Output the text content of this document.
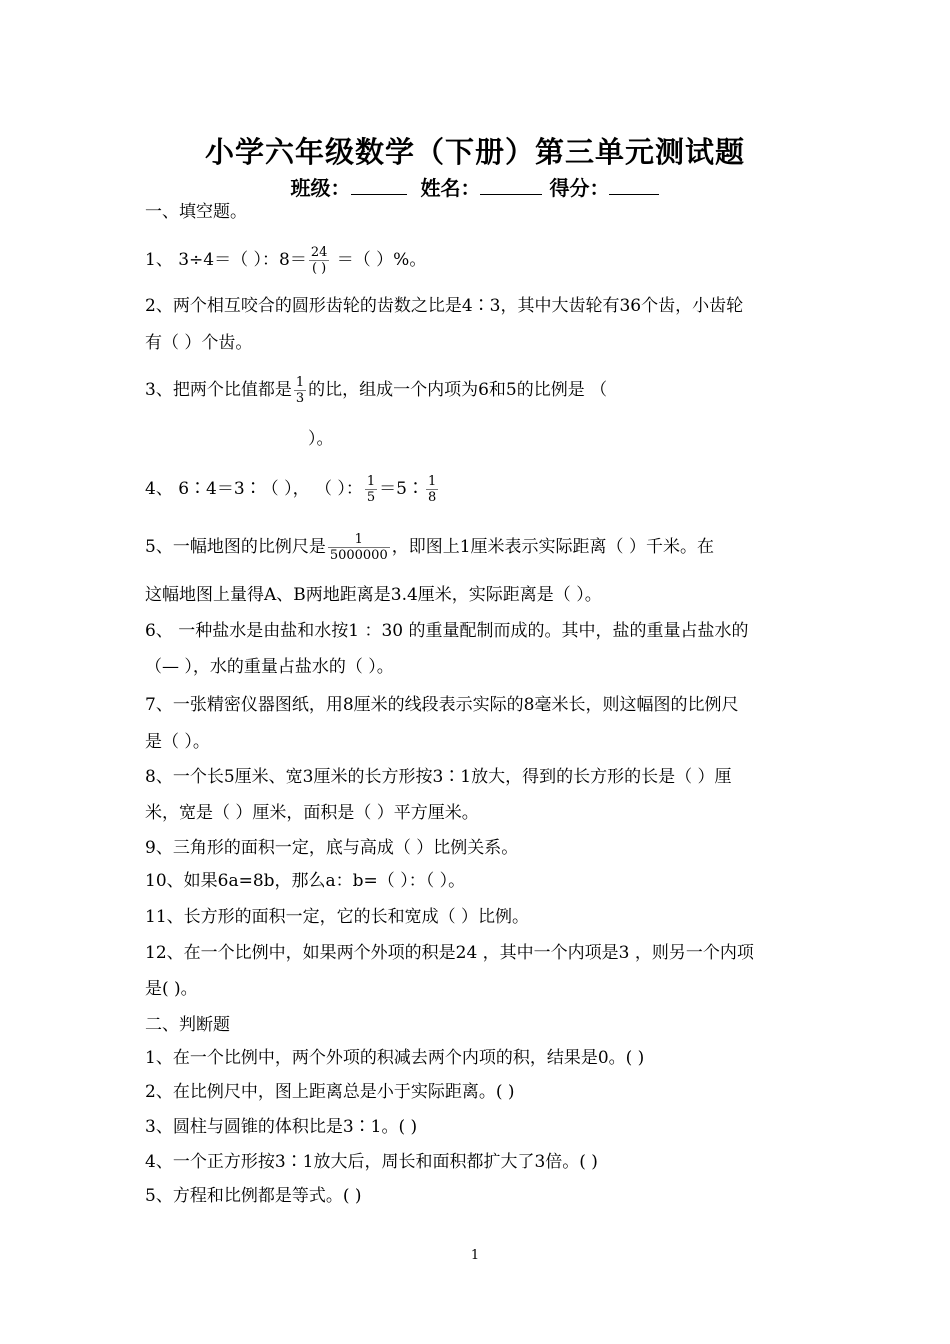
小学六年级数学（下册）第三单元测试题
班级：	姓名：	得分：
一、填空题。
1、 3÷4＝（ ）：$8= \frac{24}{( )}$ ＝（ ）%。
2、两个相互咬合的圆形齿轮的齿数之比是4∶3，其中大齿轮有36个齿，小齿轮
有（ ）个齿。
3、把两个比值都是 $\frac{1}{3}$ 的比，组成一个内项为6和5的比例是 （
）。
4、 6∶4＝3∶（ ）， （ ）： $\frac{1}{5}$ ＝5∶ $\frac{1}{8}$
5、一幅地图的比例尺是 $\frac{1}{5000000}$ ，即图上1厘米表示实际距离（ ）千米。在
这幅地图上量得A、B两地距离是3.4厘米，实际距离是（ ）。
6、 一种盐水是由盐和水按1 ：30 的重量配制而成的。其中，盐的重量占盐水的
（— ），水的重量占盐水的（ ）。
7、一张精密仪器图纸，用8厘米的线段表示实际的8毫米长，则这幅图的比例尺
是（ ）。
8、一个长5厘米、宽3厘米的长方形按3∶1放大，得到的长方形的长是（ ）厘
米，宽是（ ）厘米，面积是（ ）平方厘米。
9、三角形的面积一定，底与高成（ ）比例关系。
10、如果6a=8b，那么a：b=（ ）：（ ）。
11、长方形的面积一定，它的长和宽成（ ）比例。
12、在一个比例中，如果两个外项的积是24 ，其中一个内项是3 ，则另一个内项
是( )。
二、判断题
1、在一个比例中，两个外项的积减去两个内项的积，结果是0。( )
2、在比例尺中，图上距离总是小于实际距离。( )
3、圆柱与圆锥的体积比是3∶1。( )
4、一个正方形按3∶1放大后，周长和面积都扩大了3倍。( )
5、方程和比例都是等式。( )
1
